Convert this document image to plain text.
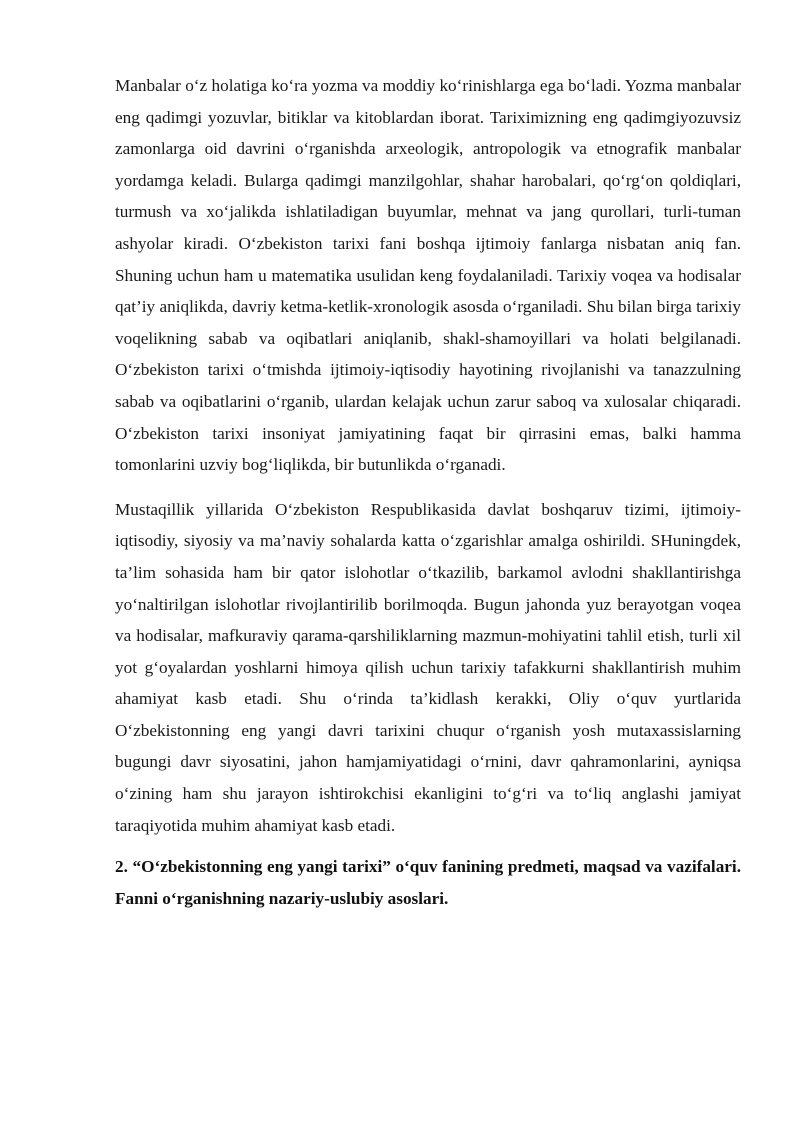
Manbalar o‘z holatiga ko‘ra yozma va moddiy ko‘rinishlarga ega bo‘ladi. Yozma manbalar eng qadimgi yozuvlar, bitiklar va kitoblardan iborat. Tariximizning eng qadimgiyozuvsiz zamonlarga oid davrini o‘rganishda arxeologik, antropologik va etnografik manbalar yordamga keladi. Bularga qadimgi manzilgohlar, shahar harobalari, qo‘rg‘on qoldiqlari, turmush va xo‘jalikda ishlatiladigan buyumlar, mehnat va jang qurollari, turli-tuman ashyolar kiradi. O‘zbekiston tarixi fani boshqa ijtimoiy fanlarga nisbatan aniq fan. Shuning uchun ham u matematika usulidan keng foydalaniladi. Tarixiy voqea va hodisalar qat’iy aniqlikda, davriy ketma-ketlik-xronologik asosda o‘rganiladi. Shu bilan birga tarixiy voqelikning sabab va oqibatlari aniqlanib, shakl-shamoyillari va holati belgilanadi. O‘zbekiston tarixi o‘tmishda ijtimoiy-iqtisodiy hayotining rivojlanishi va tanazzulning sabab va oqibatlarini o‘rganib, ulardan kelajak uchun zarur saboq va xulosalar chiqaradi. O‘zbekiston tarixi insoniyat jamiyatining faqat bir qirrasini emas, balki hamma tomonlarini uzviy bog‘liqlikda, bir butunlikda o‘rganadi.

Mustaqillik yillarida O‘zbekiston Respublikasida davlat boshqaruv tizimi, ijtimoiy-iqtisodiy, siyosiy va ma’naviy sohalarda katta o‘zgarishlar amalga oshirildi. SHuningdek, ta’lim sohasida ham bir qator islohotlar o‘tkazilib, barkamol avlodni shakllantirishga yo‘naltirilgan islohotlar rivojlantirilib borilmoqda. Bugun jahonda yuz berayotgan voqea va hodisalar, mafkuraviy qarama-qarshiliklarning mazmun-mohiyatini tahlil etish, turli xil yot g‘oyalardan yoshlarni himoya qilish uchun tarixiy tafakkurni shakllantirish muhim ahamiyat kasb etadi. Shu o‘rinda ta’kidlash kerakki, Oliy o‘quv yurtlarida O‘zbekistonning eng yangi davri tarixini chuqur o‘rganish yosh mutaxassislarning bugungi davr siyosatini, jahon hamjamiyatidagi o‘rnini, davr qahramonlarini, ayniqsa o‘zining ham shu jarayon ishtirokchisi ekanligini to‘g‘ri va to‘liq anglashi jamiyat taraqiyotida muhim ahamiyat kasb etadi.

2. “O‘zbekistonning eng yangi tarixi” o‘quv fanining predmeti, maqsad va vazifalari. Fanni o‘rganishning nazariy-uslubiy asoslari.
